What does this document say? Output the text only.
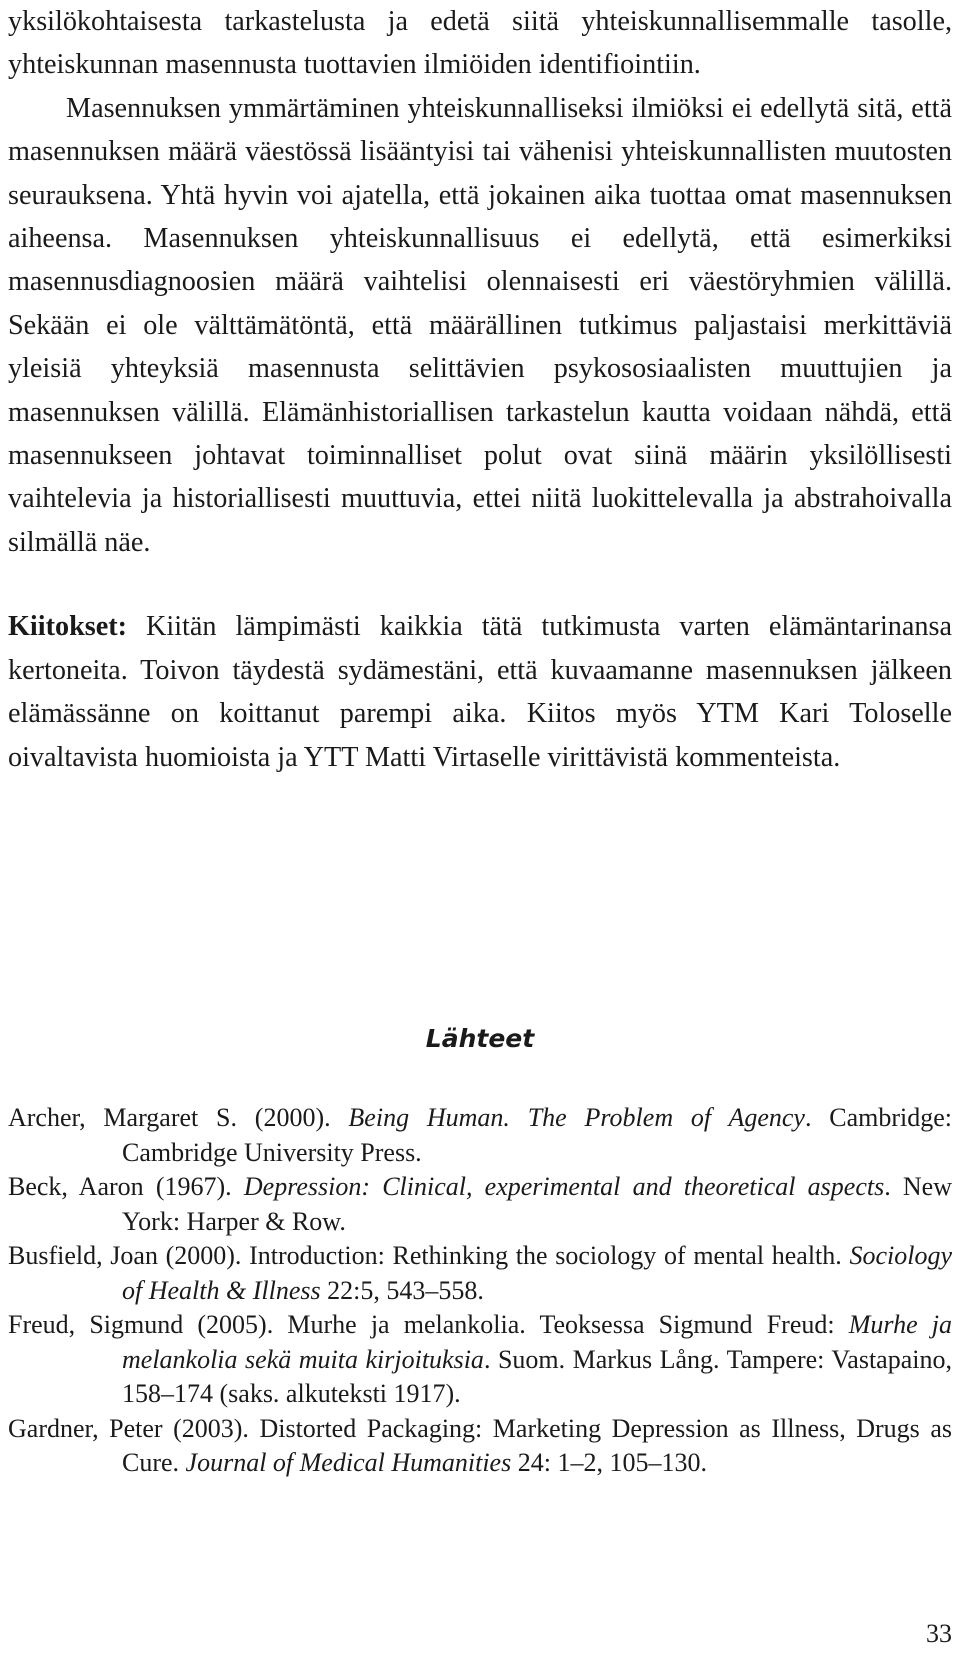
yksilökohtaisesta tarkastelusta ja edetä siitä yhteiskunnallisemmalle tasolle, yhteiskunnan masennusta tuottavien ilmiöiden identifiointiin.

Masennuksen ymmärtäminen yhteiskunnalliseksi ilmiöksi ei edellytä sitä, että masennuksen määrä väestössä lisääntyisi tai vähenisi yhteiskunnallisten muutosten seurauksena. Yhtä hyvin voi ajatella, että jokainen aika tuottaa omat masennuksen aiheensa. Masennuksen yhteiskunnallisuus ei edellytä, että esimerkiksi masennusdiagnoosien määrä vaihtelisi olennaisesti eri väestöryhmien välillä. Sekään ei ole välttämätöntä, että määrällinen tutkimus paljastaisi merkittäviä yleisiä yhteyksiä masennusta selittävien psykososiaalisten muuttujien ja masennuksen välillä. Elämänhistoriallisen tarkastelun kautta voidaan nähdä, että masennukseen johtavat toiminnalliset polut ovat siinä määrin yksilöllisesti vaihtelevia ja historiallisesti muuttuvia, ettei niitä luokittelevalla ja abstrahoivalla silmällä näe.

Kiitokset: Kiitän lämpimästi kaikkia tätä tutkimusta varten elämäntarinansa kertoneita. Toivon täydestä sydämestäni, että kuvaamanne masennuksen jälkeen elämässänne on koittanut parempi aika. Kiitos myös YTM Kari Toloselle oivaltavista huomioista ja YTT Matti Virtaselle virittävistä kommenteista.

Lähteet
Archer, Margaret S. (2000). Being Human. The Problem of Agency. Cambridge: Cambridge University Press.
Beck, Aaron (1967). Depression: Clinical, experimental and theoretical aspects. New York: Harper & Row.
Busfield, Joan (2000). Introduction: Rethinking the sociology of mental health. Sociology of Health & Illness 22:5, 543–558.
Freud, Sigmund (2005). Murhe ja melankolia. Teoksessa Sigmund Freud: Murhe ja melankolia sekä muita kirjoituksia. Suom. Markus Lång. Tampere: Vastapaino, 158–174 (saks. alkuteksti 1917).
Gardner, Peter (2003). Distorted Packaging: Marketing Depression as Illness, Drugs as Cure. Journal of Medical Humanities 24: 1–2, 105–130.
33
